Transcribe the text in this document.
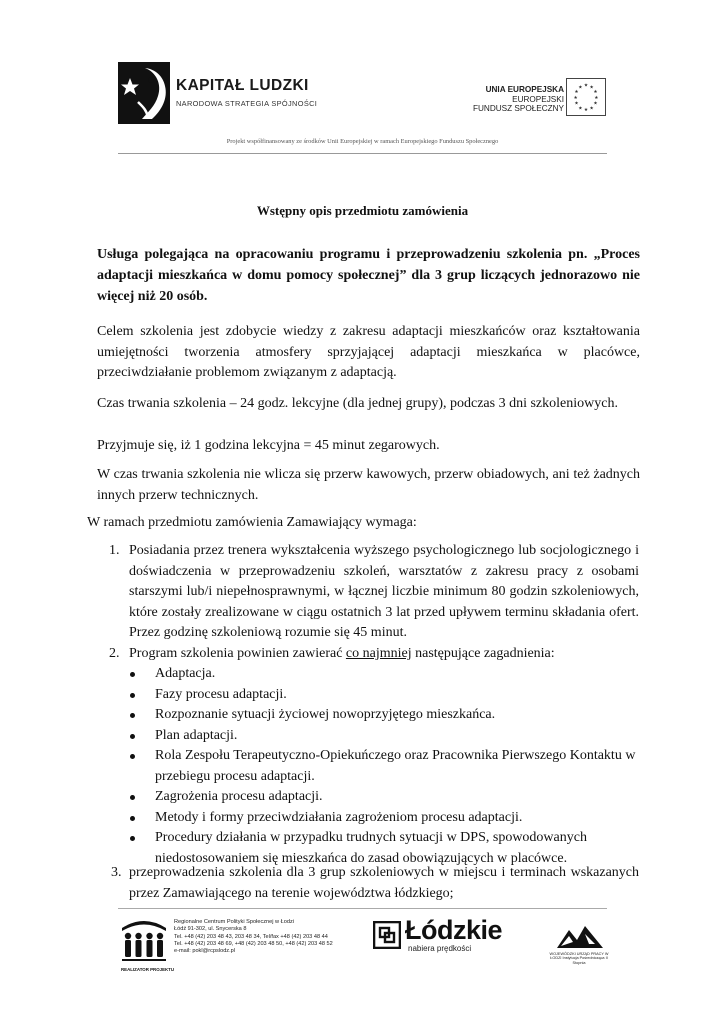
KAPITAŁ LUDZKI
NARODOWA STRATEGIA SPÓJNOŚCI
UNIA EUROPEJSKA
EUROPEJSKI
FUNDUSZ SPOŁECZNY
★ ★
★
★
★
★
★
★
★
★
★
★
Projekt współfinansowany ze środków Unii Europejskiej w ramach Europejskiego Funduszu Społecznego
Wstępny opis przedmiotu zamówienia

Usługa polegająca na opracowaniu programu i przeprowadzeniu szkolenia pn. „Proces adaptacji mieszkańca w domu pomocy społecznej” dla 3 grup liczących jednorazowo nie więcej niż 20 osób.

Celem szkolenia jest zdobycie wiedzy z zakresu adaptacji mieszkańców oraz kształtowania umiejętności tworzenia atmosfery sprzyjającej adaptacji mieszkańca w placówce, przeciwdziałanie problemom związanym z adaptacją.

Czas trwania szkolenia – 24 godz. lekcyjne (dla jednej grupy), podczas 3 dni szkoleniowych.

Przyjmuje się, iż 1 godzina lekcyjna = 45 minut zegarowych.

W czas trwania szkolenia nie wlicza się przerw kawowych, przerw obiadowych, ani też żadnych innych przerw technicznych.

W ramach przedmiotu zamówienia Zamawiający wymaga:

1. Posiadania przez trenera wykształcenia wyższego psychologicznego lub socjologicznego i doświadczenia w przeprowadzeniu szkoleń, warsztatów z zakresu pracy z osobami starszymi lub/i niepełnosprawnymi, w łącznej liczbie minimum 80 godzin szkoleniowych, które zostały zrealizowane w ciągu ostatnich 3 lat przed upływem terminu składania ofert. Przez godzinę szkoleniową rozumie się 45 minut.

2. Program szkolenia powinien zawierać co najmniej następujące zagadnienia:

Adaptacja.
Fazy procesu adaptacji.
Rozpoznanie sytuacji życiowej nowoprzyjętego mieszkańca.
Plan adaptacji.
Rola Zespołu Terapeutyczno-Opiekuńczego oraz Pracownika Pierwszego Kontaktu w przebiegu procesu adaptacji.
Zagrożenia procesu adaptacji.
Metody i formy przeciwdziałania zagrożeniom procesu adaptacji.
Procedury działania w przypadku trudnych sytuacji w DPS, spowodowanych niedostosowaniem się mieszkańca do zasad obowiązujących w placówce.
3. przeprowadzenia szkolenia dla 3 grup szkoleniowych w miejscu i terminach wskazanych przez Zamawiającego na terenie województwa łódzkiego;

REALIZATOR PROJEKTU
Regionalne Centrum Polityki Społecznej w Łodzi
Łódź 91-302, ul. Snycerska 8
Tel. +48 (42) 203 48 43, 203 48 34, Tel/fax +48 (42) 203 48 44
Tel. +48 (42) 203 48 69, +48 (42) 203 48 50, +48 (42) 203 48 52
e-mail: pokl@rcpslodz.pl
Łódzkie
nabiera prędkości
WOJEWÓDZKI URZĄD PRACY W ŁODZI Instytucja Pośrednicząca II Stopnia
